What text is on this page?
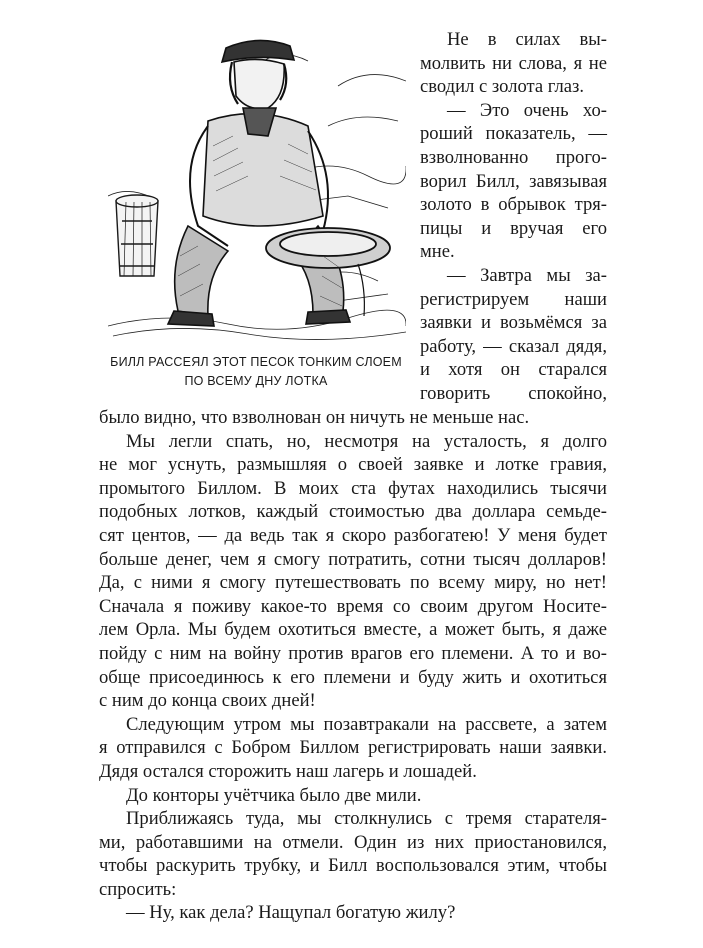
БИЛЛ РАССЕЯЛ ЭТОТ ПЕСОК ТОНКИМ СЛОЕМ
ПО ВСЕМУ ДНУ ЛОТКА
Не в силах вы-
молвить ни слова, я не
сводил с золота глаз.
— Это очень хо-
роший показатель, —
взволнованно прого-
ворил Билл, завязывая
золото в обрывок тря-
пицы и вручая его
мне.
— Завтра мы за-
регистрируем наши
заявки и возьмёмся за
работу, — сказал дядя,
и хотя он старался
говорить спокойно,
было видно, что взволнован он ничуть не меньше нас.
Мы легли спать, но, несмотря на усталость, я долго
не мог уснуть, размышляя о своей заявке и лотке гравия,
промытого Биллом. В моих ста футах находились тысячи
подобных лотков, каждый стоимостью два доллара семьде-
сят центов, — да ведь так я скоро разбогатею! У меня будет
больше денег, чем я смогу потратить, сотни тысяч долларов!
Да, с ними я смогу путешествовать по всему миру, но нет!
Сначала я поживу какое-то время со своим другом Носите-
лем Орла. Мы будем охотиться вместе, а может быть, я даже
пойду с ним на войну против врагов его племени. А то и во-
обще присоединюсь к его племени и буду жить и охотиться
с ним до конца своих дней!
Следующим утром мы позавтракали на рассвете, а затем
я отправился с Бобром Биллом регистрировать наши заявки.
Дядя остался сторожить наш лагерь и лошадей.
До конторы учётчика было две мили.
Приближаясь туда, мы столкнулись с тремя старателя-
ми, работавшими на отмели. Один из них приостановился,
чтобы раскурить трубку, и Билл воспользовался этим, чтобы
спросить:
— Ну, как дела? Нащупал богатую жилу?
